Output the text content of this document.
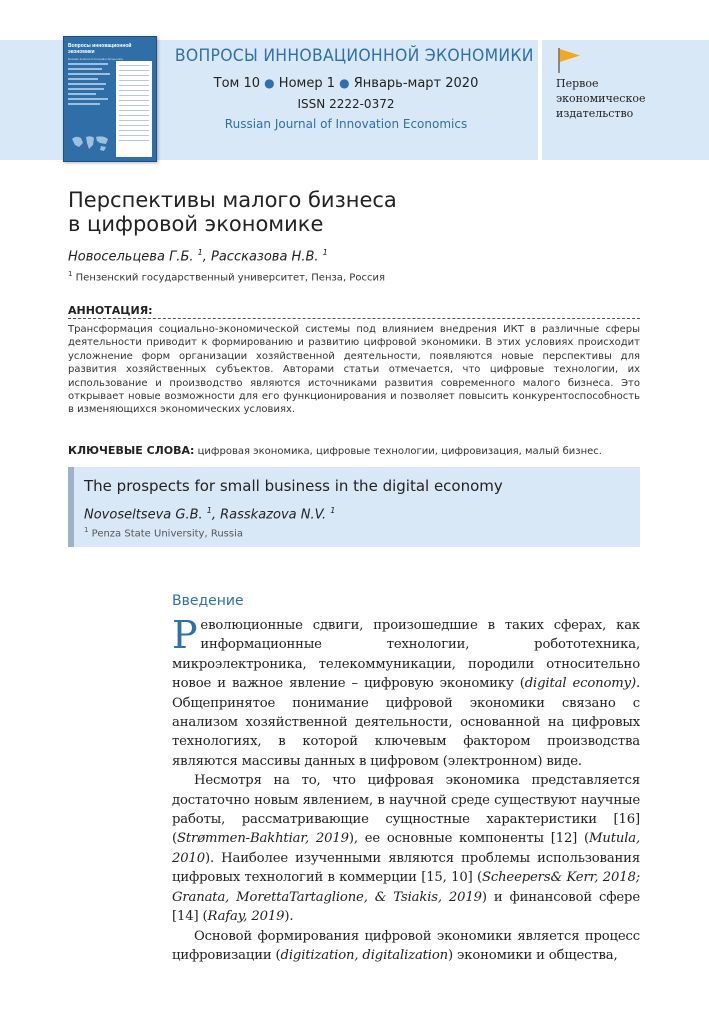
Вопросы инновационной экономики
Russian Journal of Innovation Economics	ВОПРОСЫ ИННОВАЦИОННОЙ ЭКОНОМИКИ
Том 10 ● Номер 1 ● Январь-март 2020
ISSN 2222-0372
Russian Journal of Innovation Economics
Первое
экономическое
издательство
Перспективы малого бизнеса
в цифровой экономике
Новосельцева Г.Б. $^1$, Рассказова Н.В. $^1$
$^1$ Пензенский государственный университет, Пенза, Россия
АННОТАЦИЯ:
Трансформация социально-экономической системы под влиянием внедрения ИКТ в различные сферы деятельности приводит к формированию и развитию цифровой экономики. В этих условиях происходит усложнение форм организации хозяйственной деятельности, появляются новые перспективы для развития хозяйственных субъектов. Авторами статьи отмечается, что цифровые технологии, их использование и производство являются источниками развития современного малого бизнеса. Это открывает новые возможности для его функционирования и позволяет повысить конкурентоспособность в изменяющихся экономических условиях.
КЛЮЧЕВЫЕ СЛОВА: цифровая экономика, цифровые технологии, цифровизация, малый бизнес.
The prospects for small business in the digital economy
Novoseltseva G.B. $^1$, Rasskazova N.V. $^1$
$^1$ Penza State University, Russia
Введение

Революционные сдвиги, произошедшие в таких сферах, как информационные технологии, робототехника, микроэлектроника, телекоммуникации, породили относительно новое и важное явление – цифровую экономику (digital economy). Общепринятое понимание цифровой экономики связано с анализом хозяйственной деятельности, основанной на цифровых технологиях, в которой ключевым фактором производства являются массивы данных в цифровом (электронном) виде.

Несмотря на то, что цифровая экономика представляется достаточно новым явлением, в научной среде существуют научные работы, рассматривающие сущностные характеристики [16] (Strømmen-Bakhtiar, 2019), ее основные компоненты [12] (Mutula, 2010). Наиболее изученными являются проблемы использования цифровых технологий в коммерции [15, 10] (Scheepers& Kerr, 2018; Granata, MorettaTartaglione, & Tsiakis, 2019) и финансовой сфере [14] (Rafay, 2019).

Основой формирования цифровой экономики является процесс цифровизации (digitization, digitalization) экономики и общества,
